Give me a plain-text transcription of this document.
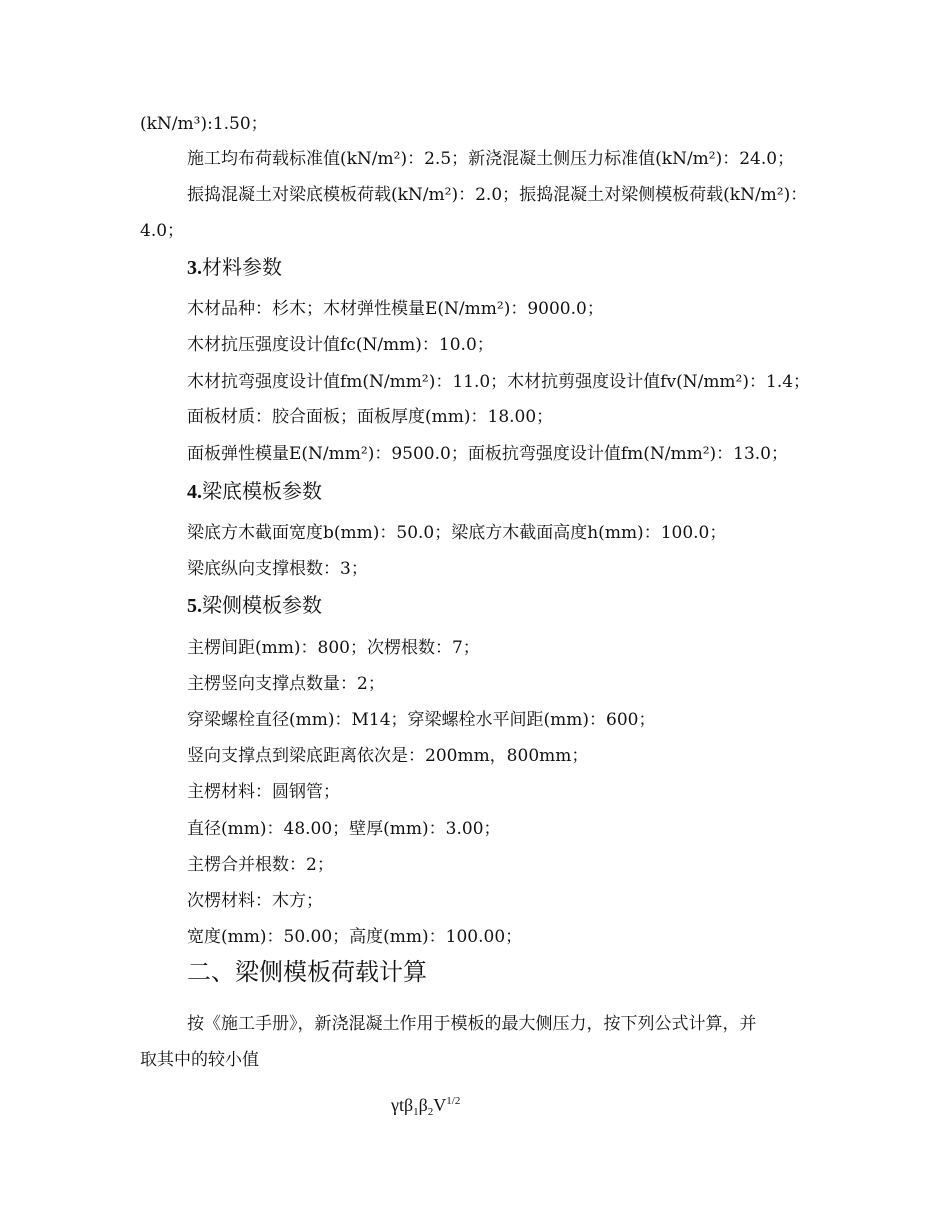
(kN/m³):1.50；
施工均布荷载标准值(kN/m²)：2.5；新浇混凝土侧压力标准值(kN/m²)：24.0；
振捣混凝土对梁底模板荷载(kN/m²)：2.0；振捣混凝土对梁侧模板荷载(kN/m²)：
4.0；
3.材料参数
木材品种：杉木；木材弹性模量E(N/mm²)：9000.0；
木材抗压强度设计值fc(N/mm)：10.0；
木材抗弯强度设计值fm(N/mm²)：11.0；木材抗剪强度设计值fv(N/mm²)：1.4；
面板材质：胶合面板；面板厚度(mm)：18.00；
面板弹性模量E(N/mm²)：9500.0；面板抗弯强度设计值fm(N/mm²)：13.0；
4.梁底模板参数
梁底方木截面宽度b(mm)：50.0；梁底方木截面高度h(mm)：100.0；
梁底纵向支撑根数：3；
5.梁侧模板参数
主楞间距(mm)：800；次楞根数：7；
主楞竖向支撑点数量：2；
穿梁螺栓直径(mm)：M14；穿梁螺栓水平间距(mm)：600；
竖向支撑点到梁底距离依次是：200mm，800mm；
主楞材料：圆钢管；
直径(mm)：48.00；壁厚(mm)：3.00；
主楞合并根数：2；
次楞材料：木方；
宽度(mm)：50.00；高度(mm)：100.00；
二、梁侧模板荷载计算
按《施工手册》，新浇混凝土作用于模板的最大侧压力，按下列公式计算，并
取其中的较小值
$\gamma t\beta_1\beta_2V^{1/2}$
